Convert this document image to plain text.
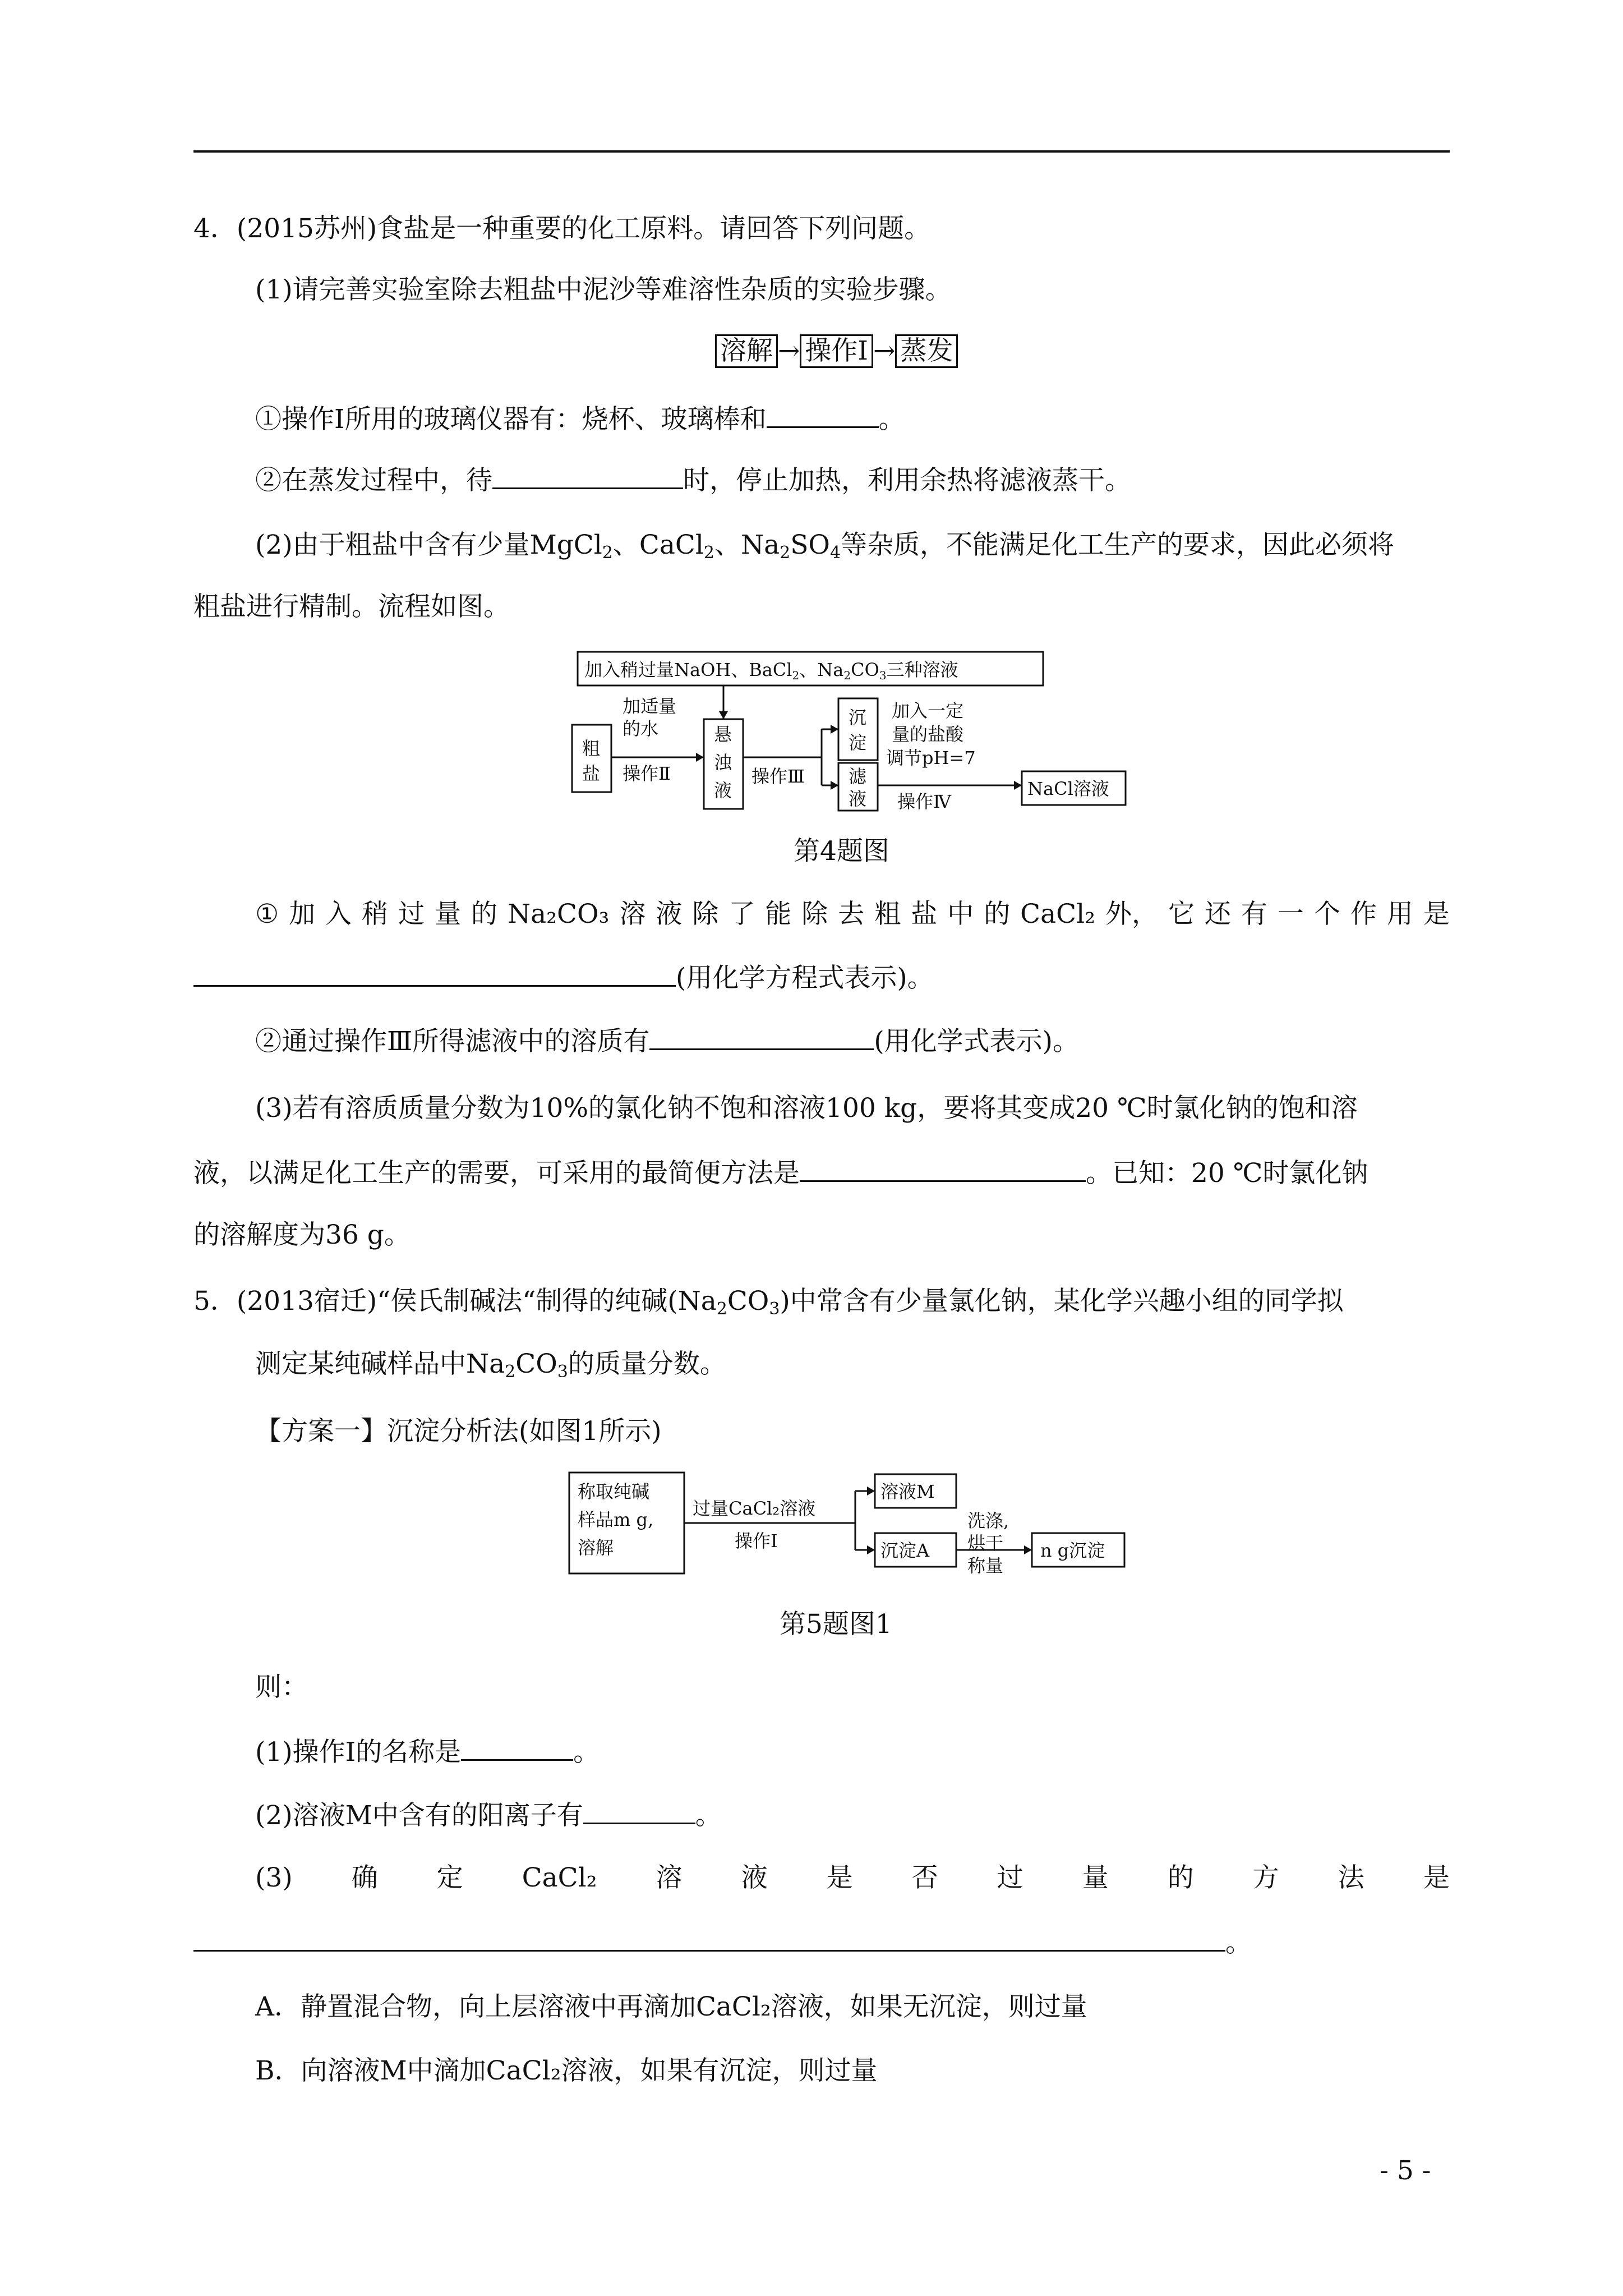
4．(2015苏州)食盐是一种重要的化工原料。请回答下列问题。
(1)请完善实验室除去粗盐中泥沙等难溶性杂质的实验步骤。
溶解 → 操作Ⅰ → 蒸发
①操作Ⅰ所用的玻璃仪器有：烧杯、玻璃棒和	。
②在蒸发过程中，待	时，停止加热，利用余热将滤液蒸干。
(2)由于粗盐中含有少量MgCl$_2$、CaCl$_2$、$Na_2SO_4$等杂质，不能满足化工生产的要求，因此必须将
粗盐进行精制。流程如图。
加入稍过量NaOH、BaCl2、Na2CO3三种溶液
粗
盐
加适量
的水
操作Ⅱ
悬
浊
液
操作Ⅲ
沉
淀
滤
液
加入一定
量的盐酸
调节pH=7
操作Ⅳ
NaCl溶液
第4题图
① 加 入 稍 过 量 的 Na₂CO₃ 溶 液 除 了 能 除 去 粗 盐 中 的 CaCl₂ 外， 它 还 有 一 个 作 用 是
(用化学方程式表示)。
②通过操作Ⅲ所得滤液中的溶质有	(用化学式表示)。
(3)若有溶质质量分数为10%的氯化钠不饱和溶液100 kg，要将其变成20 ℃时氯化钠的饱和溶
液，以满足化工生产的需要，可采用的最简便方法是	。已知：20 ℃时氯化钠
的溶解度为36 g。
5．(2013宿迁)“侯氏制碱法“制得的纯碱$(Na_2CO_3)$中常含有少量氯化钠，某化学兴趣小组的同学拟
测定某纯碱样品中$Na_2CO_3$的质量分数。
【方案一】沉淀分析法(如图1所示)
称取纯碱
样品m g,
溶解
过量CaCl₂溶液
操作Ⅰ
溶液M
沉淀A
洗涤,
烘干
称量
n g沉淀
第5题图1
则：
(1)操作Ⅰ的名称是	。
(2)溶液M中含有的阳离子有	。
(3) 确 定 CaCl₂ 溶 液 是 否 过 量 的 方 法 是
。
A．静置混合物，向上层溶液中再滴加CaCl₂溶液，如果无沉淀，则过量
B．向溶液M中滴加CaCl₂溶液，如果有沉淀，则过量
- 5 -
